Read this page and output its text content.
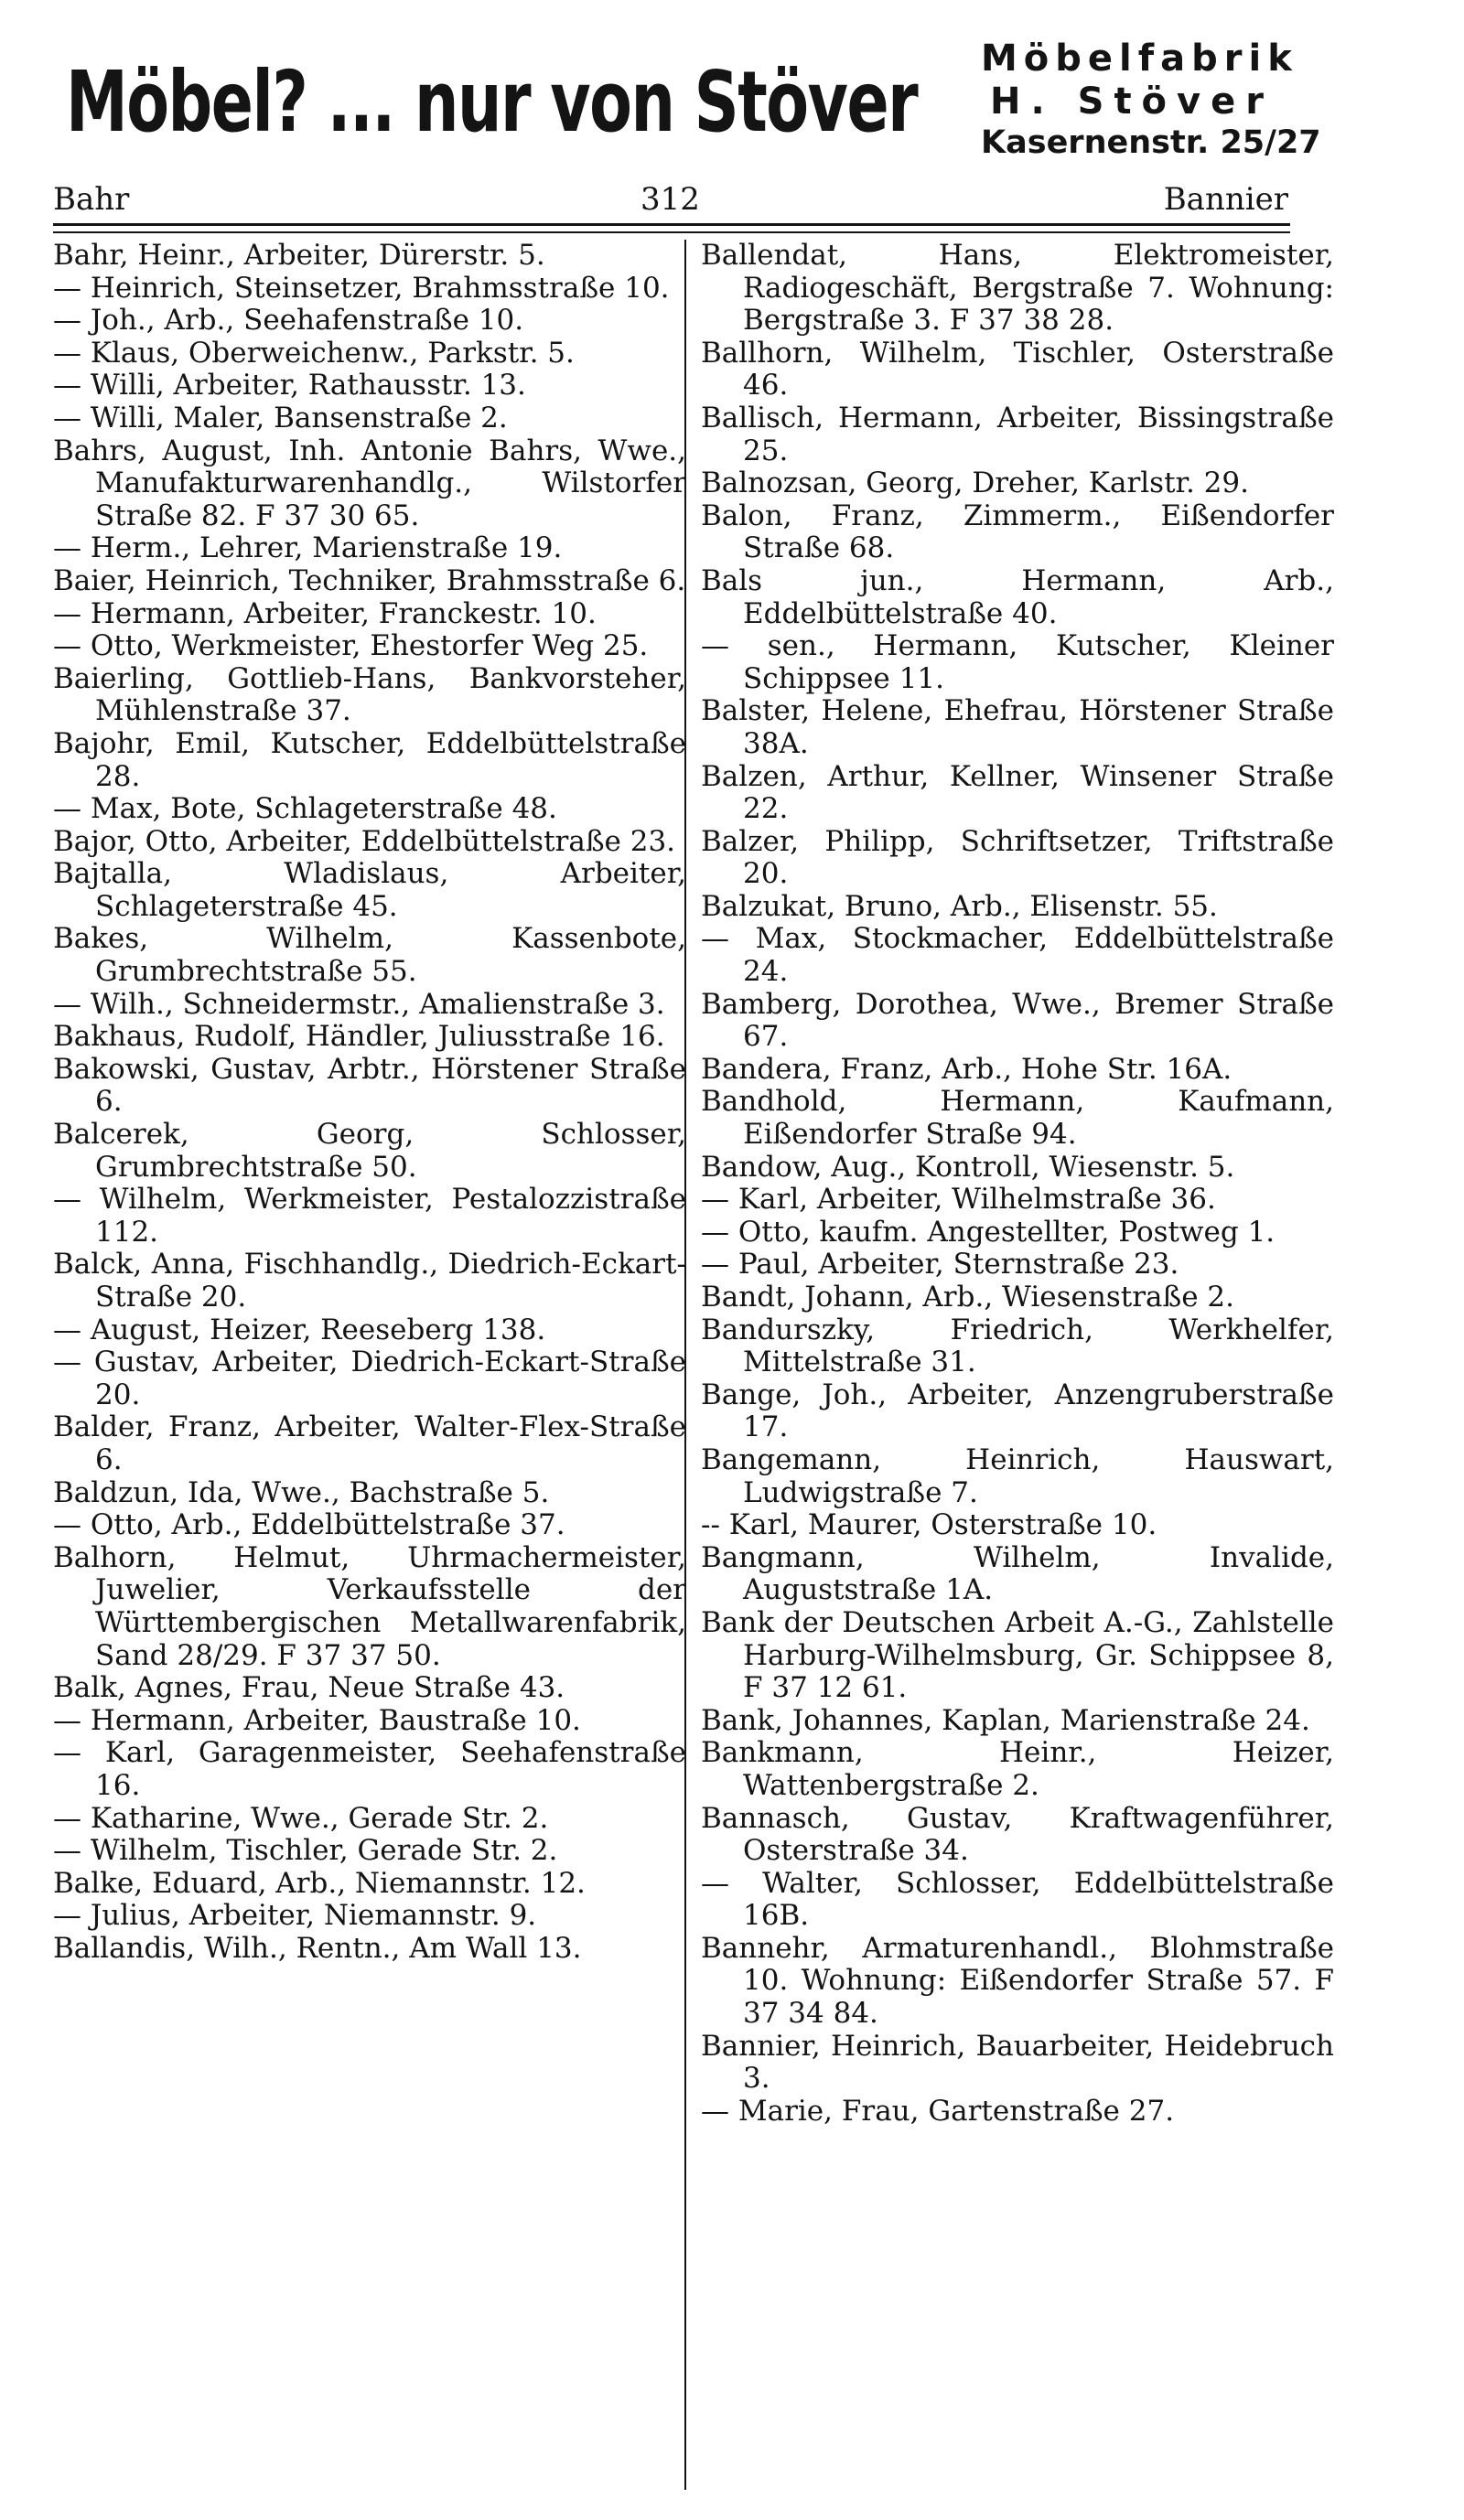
Möbel? ... nur von Stöver Möbelfabrik
H. Stöver
Kasernenstr. 25/27
Bahr	312	Bannier
Bahr, Heinr., Arbeiter, Dürerstr. 5.
— Heinrich, Steinsetzer, Brahmsstraße 10.
— Joh., Arb., Seehafenstraße 10.
— Klaus, Oberweichenw., Parkstr. 5.
— Willi, Arbeiter, Rathausstr. 13.
— Willi, Maler, Bansenstraße 2.
Bahrs, August, Inh. Antonie Bahrs, Wwe., Manufakturwarenhandlg., Wilstorfer Straße 82. F 37 30 65.
— Herm., Lehrer, Marienstraße 19.
Baier, Heinrich, Techniker, Brahmsstraße 6.
— Hermann, Arbeiter, Franckestr. 10.
— Otto, Werkmeister, Ehestorfer Weg 25.
Baierling, Gottlieb-Hans, Bankvorsteher, Mühlenstraße 37.
Bajohr, Emil, Kutscher, Eddelbüttelstraße 28.
— Max, Bote, Schlageterstraße 48.
Bajor, Otto, Arbeiter, Eddelbüttelstraße 23.
Bajtalla, Wladislaus, Arbeiter, Schlageterstraße 45.
Bakes, Wilhelm, Kassenbote, Grumbrechtstraße 55.
— Wilh., Schneidermstr., Amalienstraße 3.
Bakhaus, Rudolf, Händler, Juliusstraße 16.
Bakowski, Gustav, Arbtr., Hörstener Straße 6.
Balcerek, Georg, Schlosser, Grumbrechtstraße 50.
— Wilhelm, Werkmeister, Pestalozzistraße 112.
Balck, Anna, Fischhandlg., Diedrich-Eckart-Straße 20.
— August, Heizer, Reeseberg 138.
— Gustav, Arbeiter, Diedrich-Eckart-Straße 20.
Balder, Franz, Arbeiter, Walter-Flex-Straße 6.
Baldzun, Ida, Wwe., Bachstraße 5.
— Otto, Arb., Eddelbüttelstraße 37.
Balhorn, Helmut, Uhrmachermeister, Juwelier, Verkaufsstelle der Württembergischen Metallwarenfabrik, Sand 28/29. F 37 37 50.
Balk, Agnes, Frau, Neue Straße 43.
— Hermann, Arbeiter, Baustraße 10.
— Karl, Garagenmeister, Seehafenstraße 16.
— Katharine, Wwe., Gerade Str. 2.
— Wilhelm, Tischler, Gerade Str. 2.
Balke, Eduard, Arb., Niemannstr. 12.
— Julius, Arbeiter, Niemannstr. 9.
Ballandis, Wilh., Rentn., Am Wall 13.
Ballendat, Hans, Elektromeister, Radiogeschäft, Bergstraße 7. Wohnung: Bergstraße 3. F 37 38 28.
Ballhorn, Wilhelm, Tischler, Osterstraße 46.
Ballisch, Hermann, Arbeiter, Bissingstraße 25.
Balnozsan, Georg, Dreher, Karlstr. 29.
Balon, Franz, Zimmerm., Eißendorfer Straße 68.
Bals jun., Hermann, Arb., Eddelbüttelstraße 40.
— sen., Hermann, Kutscher, Kleiner Schippsee 11.
Balster, Helene, Ehefrau, Hörstener Straße 38A.
Balzen, Arthur, Kellner, Winsener Straße 22.
Balzer, Philipp, Schriftsetzer, Triftstraße 20.
Balzukat, Bruno, Arb., Elisenstr. 55.
— Max, Stockmacher, Eddelbüttelstraße 24.
Bamberg, Dorothea, Wwe., Bremer Straße 67.
Bandera, Franz, Arb., Hohe Str. 16A.
Bandhold, Hermann, Kaufmann, Eißendorfer Straße 94.
Bandow, Aug., Kontroll, Wiesenstr. 5.
— Karl, Arbeiter, Wilhelmstraße 36.
— Otto, kaufm. Angestellter, Postweg 1.
— Paul, Arbeiter, Sternstraße 23.
Bandt, Johann, Arb., Wiesenstraße 2.
Bandurszky, Friedrich, Werkhelfer, Mittelstraße 31.
Bange, Joh., Arbeiter, Anzengruberstraße 17.
Bangemann, Heinrich, Hauswart, Ludwigstraße 7.
-- Karl, Maurer, Osterstraße 10.
Bangmann, Wilhelm, Invalide, Auguststraße 1A.
Bank der Deutschen Arbeit A.-G., Zahlstelle Harburg-Wilhelmsburg, Gr. Schippsee 8, F 37 12 61.
Bank, Johannes, Kaplan, Marienstraße 24.
Bankmann, Heinr., Heizer, Wattenbergstraße 2.
Bannasch, Gustav, Kraftwagenführer, Osterstraße 34.
— Walter, Schlosser, Eddelbüttelstraße 16B.
Bannehr, Armaturenhandl., Blohmstraße 10. Wohnung: Eißendorfer Straße 57. F 37 34 84.
Bannier, Heinrich, Bauarbeiter, Heidebruch 3.
— Marie, Frau, Gartenstraße 27.
